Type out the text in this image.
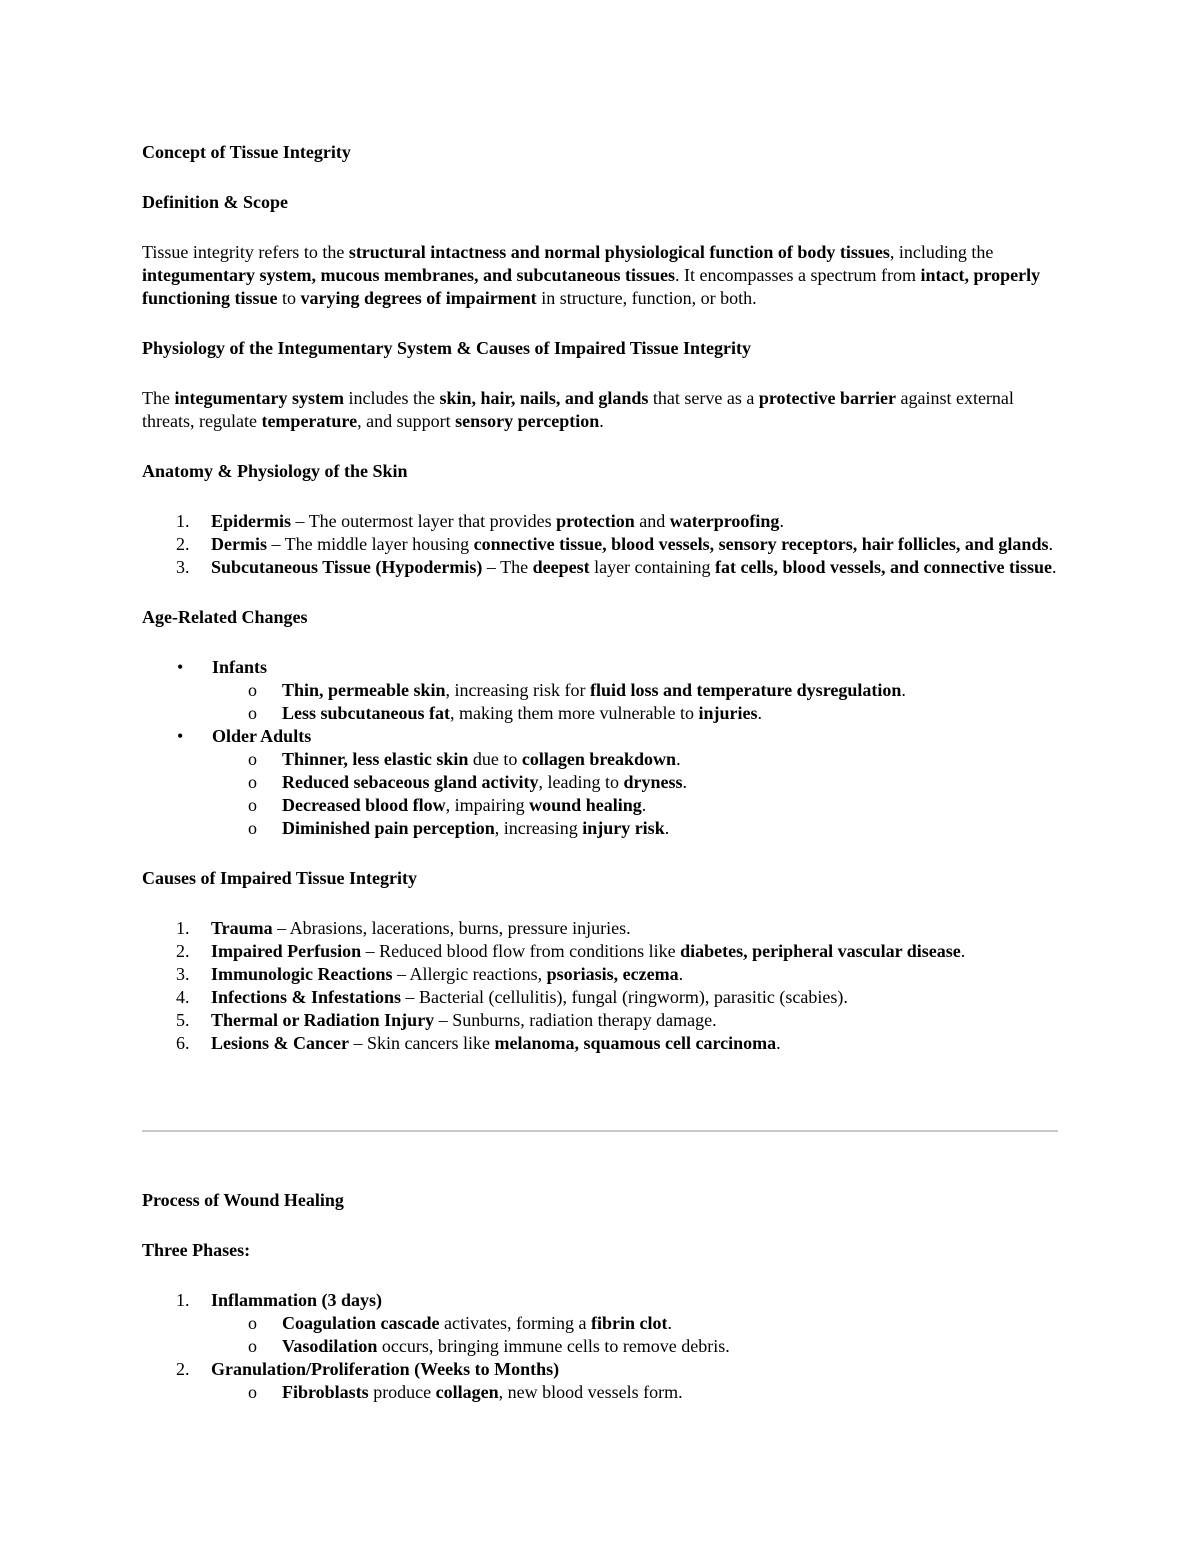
Concept of Tissue Integrity

Definition & Scope

Tissue integrity refers to the structural intactness and normal physiological function of body tissues, including the integumentary system, mucous membranes, and subcutaneous tissues. It encompasses a spectrum from intact, properly functioning tissue to varying degrees of impairment in structure, function, or both.

Physiology of the Integumentary System & Causes of Impaired Tissue Integrity

The integumentary system includes the skin, hair, nails, and glands that serve as a protective barrier against external threats, regulate temperature, and support sensory perception.

Anatomy & Physiology of the Skin

1.	Epidermis – The outermost layer that provides protection and waterproofing.
2.	Dermis – The middle layer housing connective tissue, blood vessels, sensory receptors, hair follicles, and glands.
3.	Subcutaneous Tissue (Hypodermis) – The deepest layer containing fat cells, blood vessels, and connective tissue.

Age-Related Changes

• Infants
o Thin, permeable skin, increasing risk for fluid loss and temperature dysregulation.
o Less subcutaneous fat, making them more vulnerable to injuries.
• Older Adults
o Thinner, less elastic skin due to collagen breakdown.
o Reduced sebaceous gland activity, leading to dryness.
o Decreased blood flow, impairing wound healing.
o Diminished pain perception, increasing injury risk.

Causes of Impaired Tissue Integrity

1.	Trauma – Abrasions, lacerations, burns, pressure injuries.
2.	Impaired Perfusion – Reduced blood flow from conditions like diabetes, peripheral vascular disease.
3.	Immunologic Reactions – Allergic reactions, psoriasis, eczema.
4.	Infections & Infestations – Bacterial (cellulitis), fungal (ringworm), parasitic (scabies).
5.	Thermal or Radiation Injury – Sunburns, radiation therapy damage.
6.	Lesions & Cancer – Skin cancers like melanoma, squamous cell carcinoma.

Process of Wound Healing

Three Phases:

1.	Inflammation (3 days)
o Coagulation cascade activates, forming a fibrin clot.
o Vasodilation occurs, bringing immune cells to remove debris.
2.	Granulation/Proliferation (Weeks to Months)
o Fibroblasts produce collagen, new blood vessels form.
